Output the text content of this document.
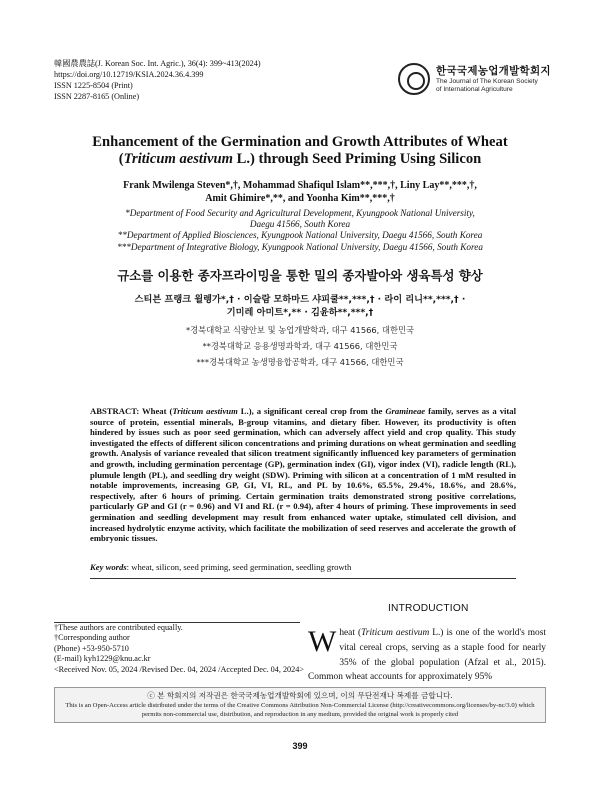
韓國農農誌(J. Korean Soc. Int. Agric.), 36(4): 399~413(2024)
https://doi.org/10.12719/KSIA.2024.36.4.399
ISSN 1225-8504 (Print)
ISSN 2287-8165 (Online)
한국국제농업개발학회지
The Journal of The Korean Society
of International Agriculture
Enhancement of the Germination and Growth Attributes of Wheat
(Triticum aestivum L.) through Seed Priming Using Silicon
Frank Mwilenga Steven*,†, Mohammad Shafiqul Islam**,***,†, Liny Lay**,***,†,
Amit Ghimire*,**, and Yoonha Kim**,***,†
*Department of Food Security and Agricultural Development, Kyungpook National University,
Daegu 41566, South Korea
**Department of Applied Biosciences, Kyungpook National University, Daegu 41566, South Korea
***Department of Integrative Biology, Kyungpook National University, Daegu 41566, South Korea
규소를 이용한 종자프라이밍을 통한 밀의 종자발아와 생육특성 향상
스티븐 프랭크 윌렝가*,† · 이슬람 모하마드 샤피쿨**,***,† · 라이 리니**,***,† ·
기미레 아미트*,** · 김윤하**,***,†
*경북대학교 식량안보 및 농업개발학과, 대구 41566, 대한민국
**경북대학교 응용생명과학과, 대구 41566, 대한민국
***경북대학교 농생명융합공학과, 대구 41566, 대한민국
ABSTRACT: Wheat (Triticum aestivum L.), a significant cereal crop from the Gramineae family, serves as a vital source of protein, essential minerals, B-group vitamins, and dietary fiber. However, its productivity is often hindered by issues such as poor seed germination, which can adversely affect yield and crop quality. This study investigated the effects of different silicon concentrations and priming durations on wheat germination and seedling growth. Analysis of variance revealed that silicon treatment significantly influenced key parameters of germination and growth, including germination percentage (GP), germination index (GI), vigor index (VI), radicle length (RL), plumule length (PL), and seedling dry weight (SDW). Priming with silicon at a concentration of 1 mM resulted in notable improvements, increasing GP, GI, VI, RL, and PL by 10.6%, 65.5%, 29.4%, 18.6%, and 28.6%, respectively, after 6 hours of priming. Certain germination traits demonstrated strong positive correlations, particularly GP and GI (r = 0.96) and VI and RL (r = 0.94), after 4 hours of priming. These improvements in seed germination and seedling development may result from enhanced water uptake, stimulated cell division, and increased hydrolytic enzyme activity, which facilitate the mobilization of seed reserves and accelerate the growth of embryonic tissues.
Key words: wheat, silicon, seed priming, seed germination, seedling growth
INTRODUCTION
Wheat (Triticum aestivum L.) is one of the world's most vital cereal crops, serving as a staple food for nearly 35% of the global population (Afzal et al., 2015). Common wheat accounts for approximately 95%
†These authors are contributed equally.
†Corresponding author
(Phone) +53-950-5710
(E-mail) kyh1229@knu.ac.kr
<Received Nov. 05, 2024 /Revised Dec. 04, 2024 /Accepted Dec. 04, 2024>
ⓒ 본 학회지의 저작권은 한국국제농업개발학회에 있으며, 이의 무단전재나 복제를 금합니다.
This is an Open-Access article distributed under the terms of the Creative Commons Attribution Non-Commercial License (http://creativecommons.org/licenses/by-nc/3.0) which
permits non-commercial use, distribution, and reproduction in any medium, provided the original work is properly cited
399
